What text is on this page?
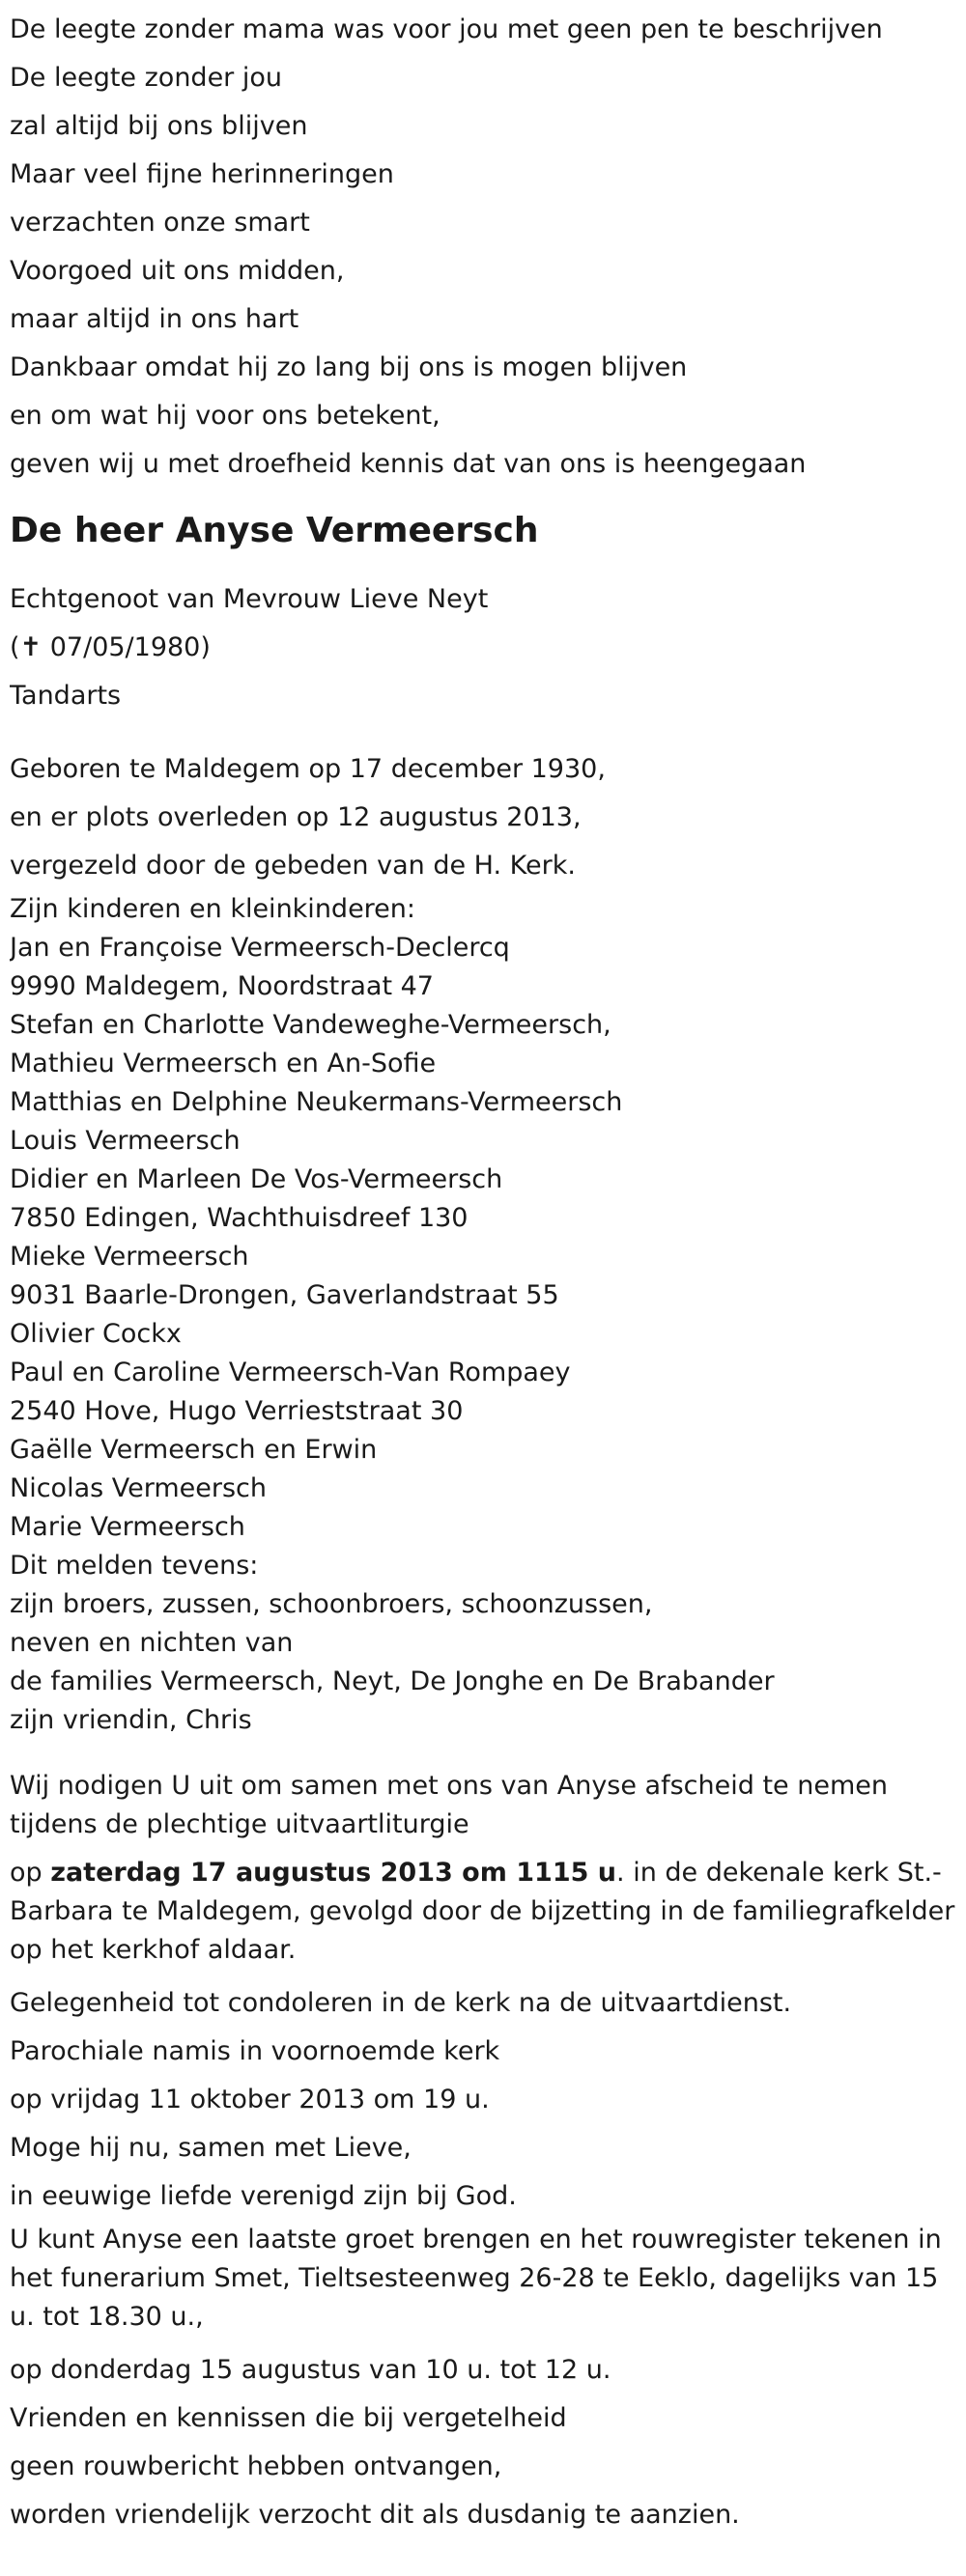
De leegte zonder mama was voor jou met geen pen te beschrijven
De leegte zonder jou
zal altijd bij ons blijven
Maar veel fijne herinneringen
verzachten onze smart
Voorgoed uit ons midden,
maar altijd in ons hart
Dankbaar omdat hij zo lang bij ons is mogen blijven
en om wat hij voor ons betekent,
geven wij u met droefheid kennis dat van ons is heengegaan
De heer Anyse Vermeersch
Echtgenoot van Mevrouw Lieve Neyt
(✝ 07/05/1980)
Tandarts
Geboren te Maldegem op 17 december 1930,
en er plots overleden op 12 augustus 2013,
vergezeld door de gebeden van de H. Kerk.
Zijn kinderen en kleinkinderen:
Jan en Françoise Vermeersch-Declercq
9990 Maldegem, Noordstraat 47
Stefan en Charlotte Vandeweghe-Vermeersch,
Mathieu Vermeersch en An-Sofie
Matthias en Delphine Neukermans-Vermeersch
Louis Vermeersch
Didier en Marleen De Vos-Vermeersch
7850 Edingen, Wachthuisdreef 130
Mieke Vermeersch
9031 Baarle-Drongen, Gaverlandstraat 55
Olivier Cockx
Paul en Caroline Vermeersch-Van Rompaey
2540 Hove, Hugo Verrieststraat 30
Gaëlle Vermeersch en Erwin
Nicolas Vermeersch
Marie Vermeersch
Dit melden tevens:
zijn broers, zussen, schoonbroers, schoonzussen,
neven en nichten van
de families Vermeersch, Neyt, De Jonghe en De Brabander
zijn vriendin, Chris
Wij nodigen U uit om samen met ons van Anyse afscheid te nemen tijdens de plechtige uitvaartliturgie
op zaterdag 17 augustus 2013 om 1115 u. in de dekenale kerk St.-Barbara te Maldegem, gevolgd door de bijzetting in de familiegrafkelder op het kerkhof aldaar.
Gelegenheid tot condoleren in de kerk na de uitvaartdienst.
Parochiale namis in voornoemde kerk
op vrijdag 11 oktober 2013 om 19 u.
Moge hij nu, samen met Lieve,
in eeuwige liefde verenigd zijn bij God.
U kunt Anyse een laatste groet brengen en het rouwregister tekenen in het funerarium Smet, Tieltsesteenweg 26-28 te Eeklo, dagelijks van 15 u. tot 18.30 u.,
op donderdag 15 augustus van 10 u. tot 12 u.
Vrienden en kennissen die bij vergetelheid
geen rouwbericht hebben ontvangen,
worden vriendelijk verzocht dit als dusdanig te aanzien.
